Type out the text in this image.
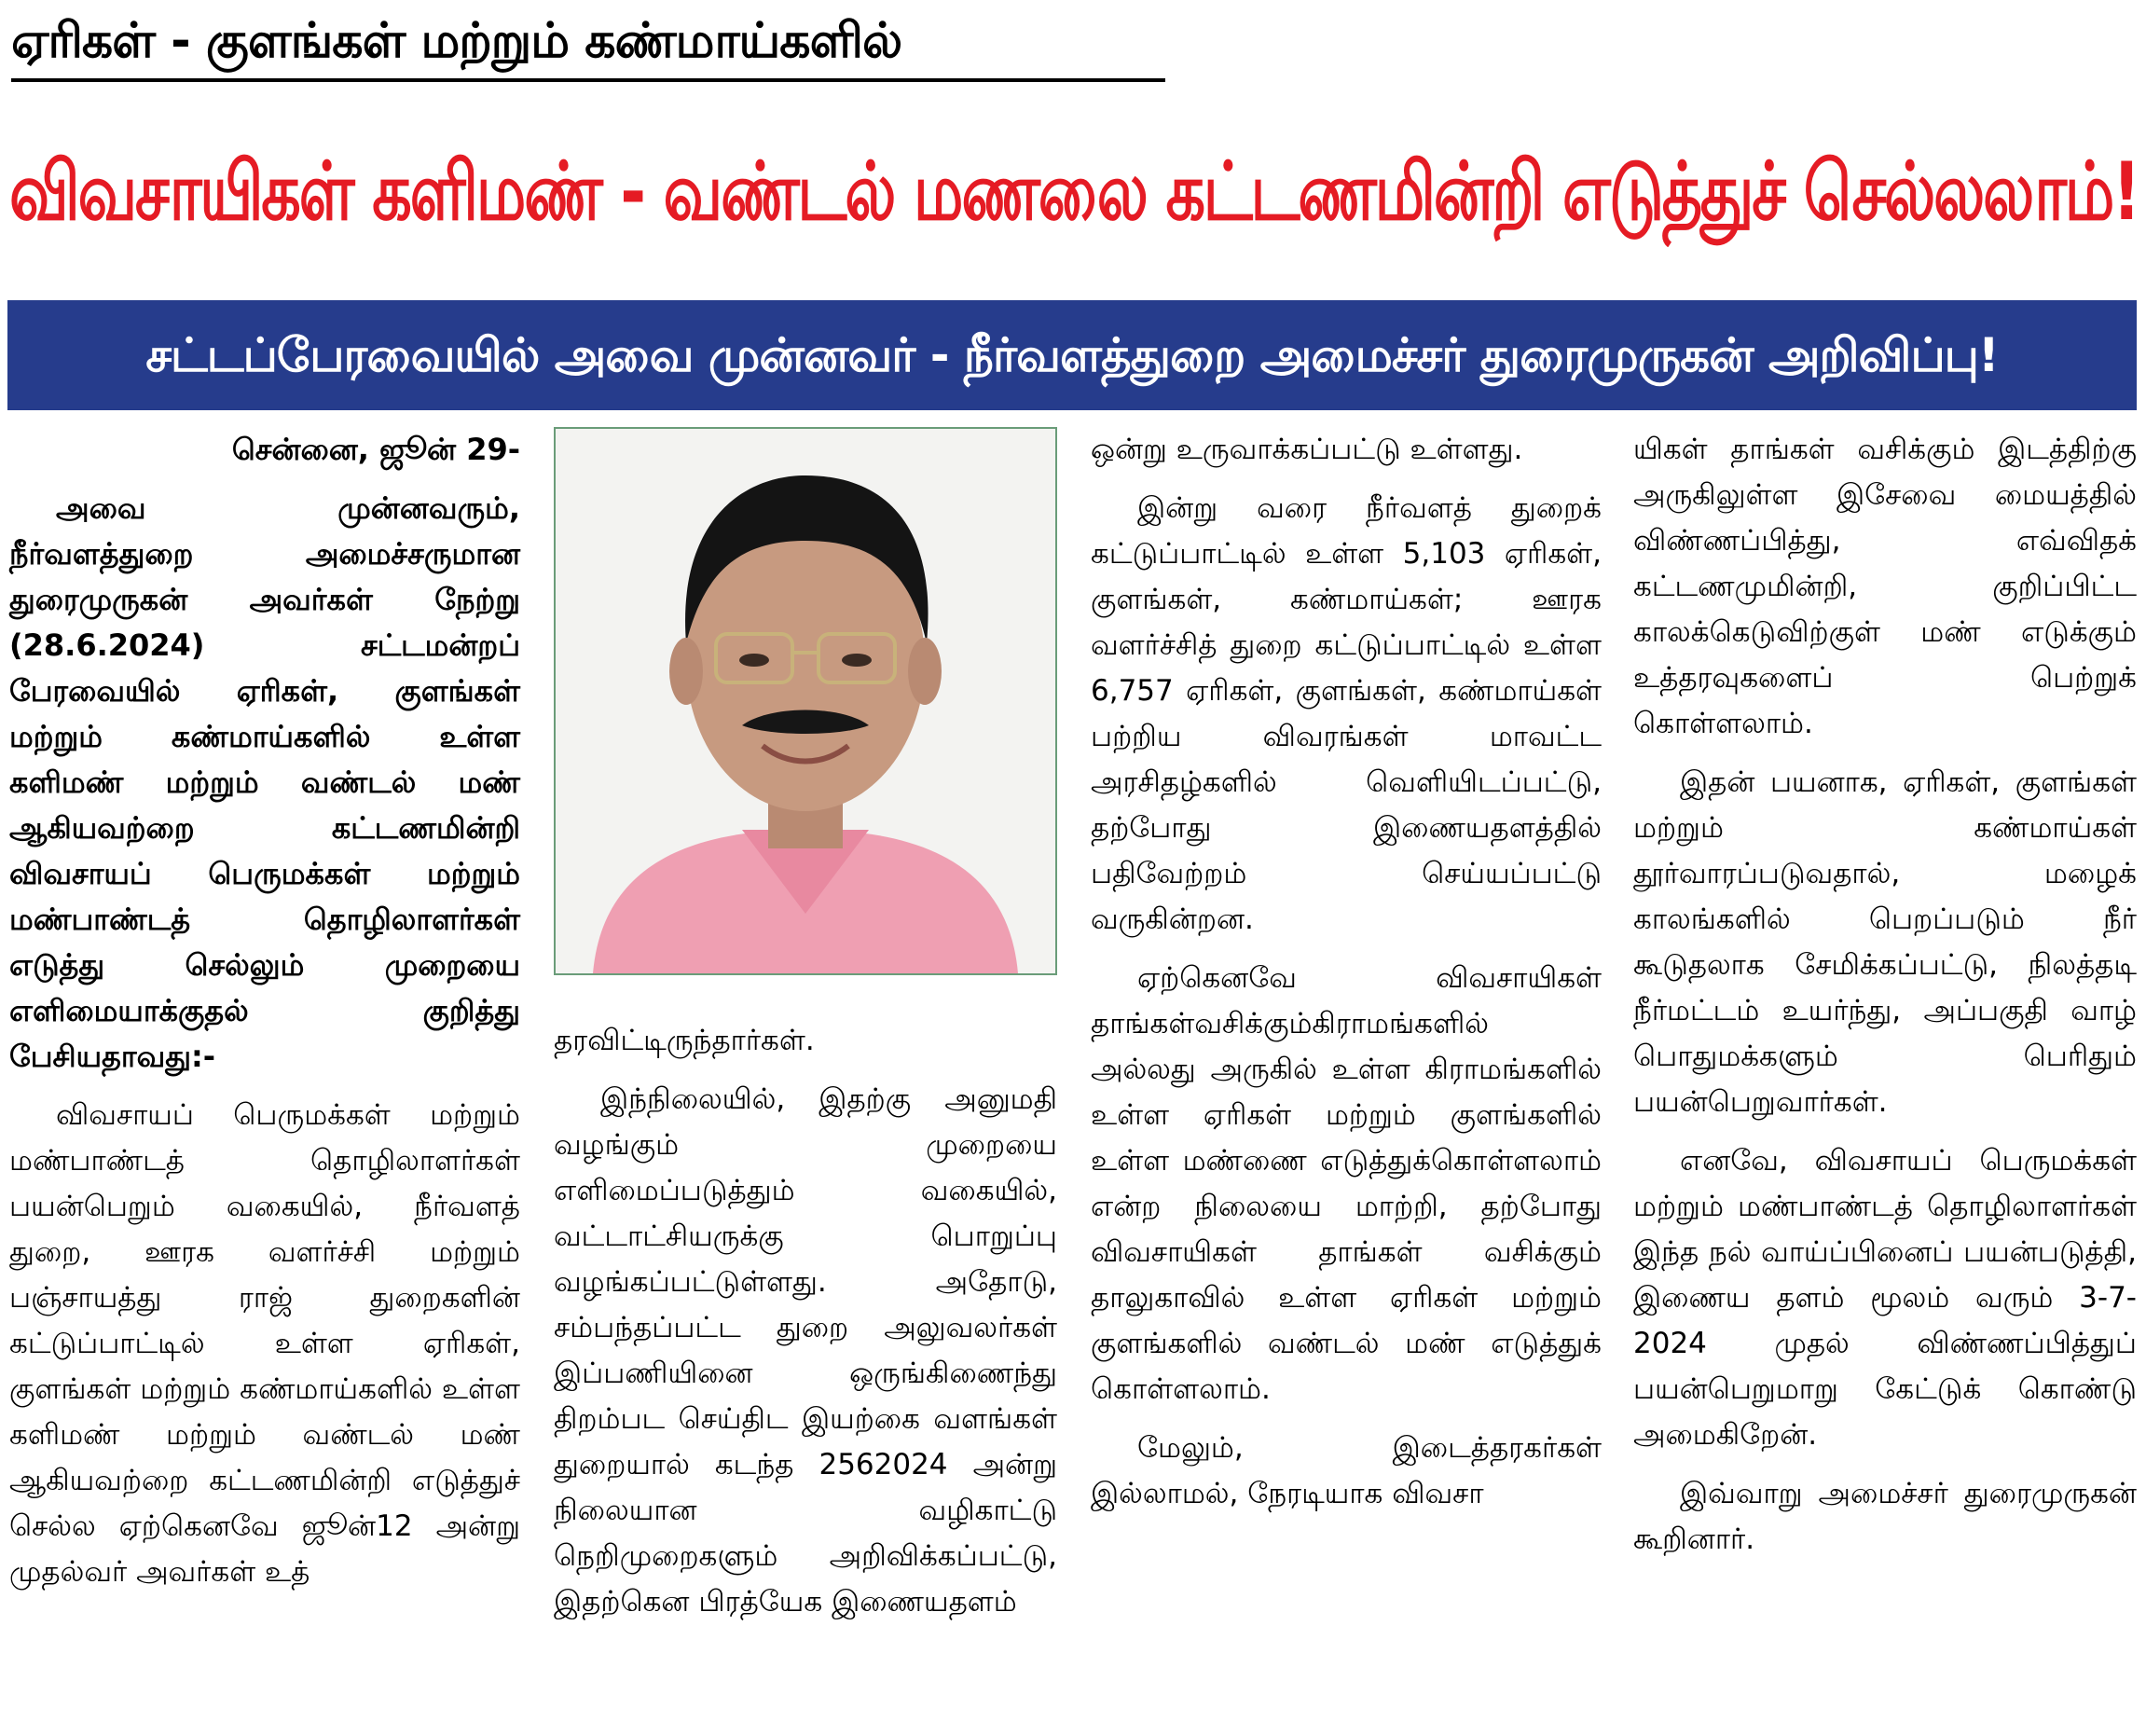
ஏரிகள் - குளங்கள் மற்றும் கண்மாய்களில்
விவசாயிகள் களிமண் - வண்டல் மணலை கட்டணமின்றி எடுத்துச் செல்லலாம்!
சட்டப்பேரவையில் அவை முன்னவர் - நீர்வளத்துறை அமைச்சர் துரைமுருகன் அறிவிப்பு!

சென்னை, ஜூன் 29-

அவை முன்னவரும், நீர்வளத்துறை அமைச்சருமான துரைமுருகன் அவர்கள் நேற்று (28.6.2024) சட்டமன்றப் பேரவையில் ஏரிகள், குளங்கள் மற்றும் கண்மாய்களில் உள்ள களிமண் மற்றும் வண்டல் மண் ஆகியவற்றை கட்டணமின்றி விவசாயப் பெருமக்கள் மற்றும் மண்பாண்டத் தொழிலாளர்கள் எடுத்து செல்லும் முறையை எளிமையாக்குதல் குறித்து பேசியதாவது:-

விவசாயப் பெருமக்கள் மற்றும் மண்பாண்டத் தொழிலாளர்கள் பயன்பெறும் வகையில், நீர்வளத் துறை, ஊரக வளர்ச்சி மற்றும் பஞ்சாயத்து ராஜ் துறைகளின் கட்டுப்பாட்டில் உள்ள ஏரிகள், குளங்கள் மற்றும் கண்மாய்களில் உள்ள களிமண் மற்றும் வண்டல் மண் ஆகியவற்றை கட்டணமின்றி எடுத்துச் செல்ல ஏற்கெனவே ஜூன்12 அன்று முதல்வர் அவர்கள் உத்

தரவிட்டிருந்தார்கள்.

இந்நிலையில், இதற்கு அனுமதி வழங்கும் முறையை எளிமைப்படுத்தும் வகையில், வட்டாட்சியருக்கு பொறுப்பு வழங்கப்பட்டுள்ளது. அதோடு, சம்பந்தப்பட்ட துறை அலுவலர்கள் இப்பணியினை ஒருங்கிணைந்து திறம்பட செய்திட இயற்கை வளங்கள் துறையால் கடந்த 2562024 அன்று நிலையான வழிகாட்டு நெறிமுறைகளும் அறிவிக்கப்பட்டு, இதற்கென பிரத்யேக இணையதளம்

ஒன்று உருவாக்கப்பட்டு உள்ளது.

இன்று வரை நீர்வளத் துறைக் கட்டுப்பாட்டில் உள்ள 5,103 ஏரிகள், குளங்கள், கண்மாய்கள்; ஊரக வளர்ச்சித் துறை கட்டுப்பாட்டில் உள்ள 6,757 ஏரிகள், குளங்கள், கண்மாய்கள் பற்றிய விவரங்கள் மாவட்ட அரசிதழ்களில் வெளியிடப்பட்டு, தற்போது இணையதளத்தில் பதிவேற்றம் செய்யப்பட்டு வருகின்றன.

ஏற்கெனவே விவசாயிகள் தாங்கள்வசிக்கும்கிராமங்களில் அல்லது அருகில் உள்ள கிராமங்களில் உள்ள ஏரிகள் மற்றும் குளங்களில் உள்ள மண்ணை எடுத்துக்கொள்ளலாம் என்ற நிலையை மாற்றி, தற்போது விவசாயிகள் தாங்கள் வசிக்கும் தாலுகாவில் உள்ள ஏரிகள் மற்றும் குளங்களில் வண்டல் மண் எடுத்துக் கொள்ளலாம்.

மேலும், இடைத்தரகர்கள் இல்லாமல், நேரடியாக விவசா

யிகள் தாங்கள் வசிக்கும் இடத்திற்கு அருகிலுள்ள இசேவை மையத்தில் விண்ணப்பித்து, எவ்விதக் கட்டணமுமின்றி, குறிப்பிட்ட காலக்கெடுவிற்குள் மண் எடுக்கும் உத்தரவுகளைப் பெற்றுக் கொள்ளலாம்.

இதன் பயனாக, ஏரிகள், குளங்கள் மற்றும் கண்மாய்கள் தூர்வாரப்படுவதால், மழைக் காலங்களில் பெறப்படும் நீர் கூடுதலாக சேமிக்கப்பட்டு, நிலத்தடி நீர்மட்டம் உயர்ந்து, அப்பகுதி வாழ் பொதுமக்களும் பெரிதும் பயன்பெறுவார்கள்.

எனவே, விவசாயப் பெருமக்கள் மற்றும் மண்பாண்டத் தொழிலாளர்கள் இந்த நல் வாய்ப்பினைப் பயன்படுத்தி, இணைய தளம் மூலம் வரும் 3-7-2024 முதல் விண்ணப்பித்துப் பயன்பெறுமாறு கேட்டுக் கொண்டு அமைகிறேன்.

இவ்வாறு அமைச்சர் துரைமுருகன் கூறினார்.
